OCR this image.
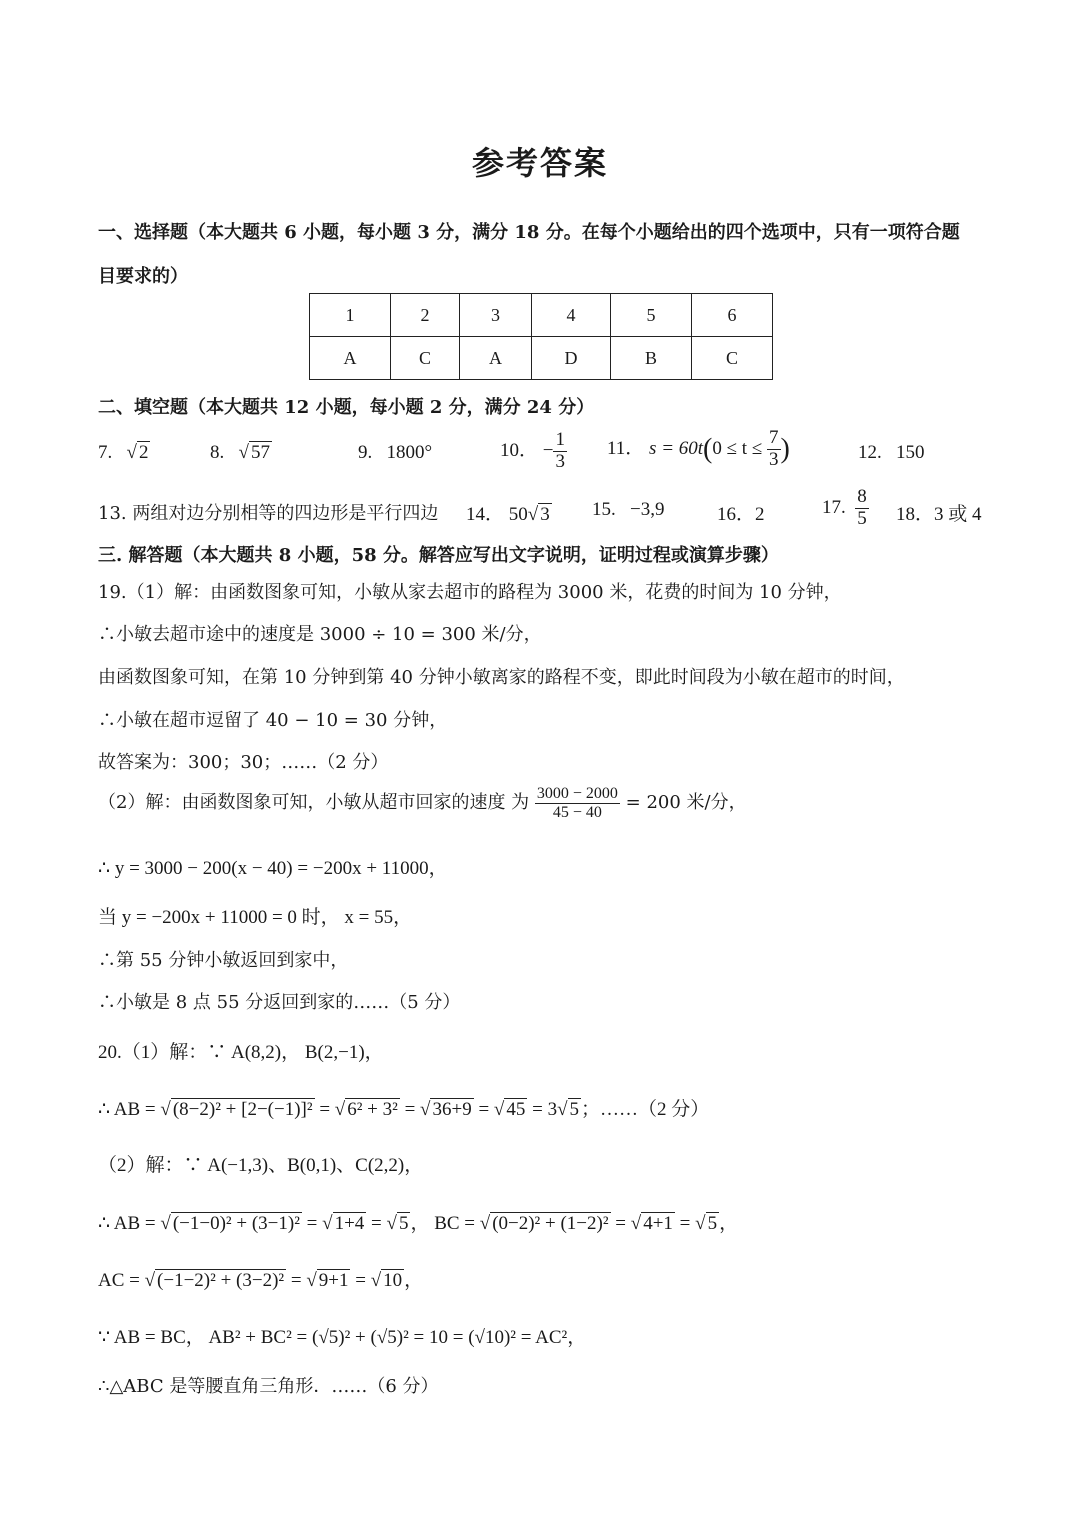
参考答案
一、选择题（本大题共 6 小题，每小题 3 分，满分 18 分。在每个小题给出的四个选项中，只有一项符合题
目要求的）
1	2	3	4	5	6
A	C	A	D	B	C
二、填空题（本大题共 12 小题，每小题 2 分，满分 24 分）
7.   √ 2	8.   √ 57	9. 1800°	10． − $\frac{1}{3} 11$． $s = 60t(0 \le t \le \frac{7}{3}$ )	12. 150
13. 两组对边分别相等的四边形是平行四边 14． 50√ 3 15. −3,9	16．2	17. $\frac{8}{5} 18$．3 或 4
三. 解答题（本大题共 8 小题，58 分。解答应写出文字说明，证明过程或演算步骤）
19.（1）解：由函数图象可知，小敏从家去超市的路程为 3000 米，花费的时间为 10 分钟，
∴小敏去超市途中的速度是 3000 ÷ 10 = 300 米/分，
由函数图象可知，在第 10 分钟到第 40 分钟小敏离家的路程不变，即此时间段为小敏在超市的时间，
∴小敏在超市逗留了 40 − 10 = 30 分钟，
故答案为：300；30；……（2 分）
（2）解：由函数图象可知，小敏从超市回家的速度 为 $\frac{3000 - 2000}{45 - 40} = 200$ 米/分，
∴ y = 3000 − 200(x − 40) = −200x + 11000，
当 y = −200x + 11000 = 0 时， x = 55，
∴第 55 分钟小敏返回到家中，
∴小敏是 8 点 55 分返回到家的……（5 分）
20.（1）解：∵ A(8,2)， B(2,−1)，
∴ AB = √ (8−2)² + [2−(−1)]² = √ 6² + 3² = √ 36+9 = √ 45 = 3√ 5 ；……（2 分）
（2）解：∵ A(−1,3)、B(0,1)、C(2,2)，
∴ AB = √ (−1−0)² + (3−1)² = √ 1+4 = √ 5 ， BC = √ (0−2)² + (1−2)² = √ 4+1 = √ 5 ，
AC = √ (−1−2)² + (3−2)² = √ 9+1 = √ 10 ，
∵ AB = BC， AB² + BC² = (√5)² + (√5)² = 10 = (√10)² = AC²，
∴△ABC 是等腰直角三角形．……（6 分）
